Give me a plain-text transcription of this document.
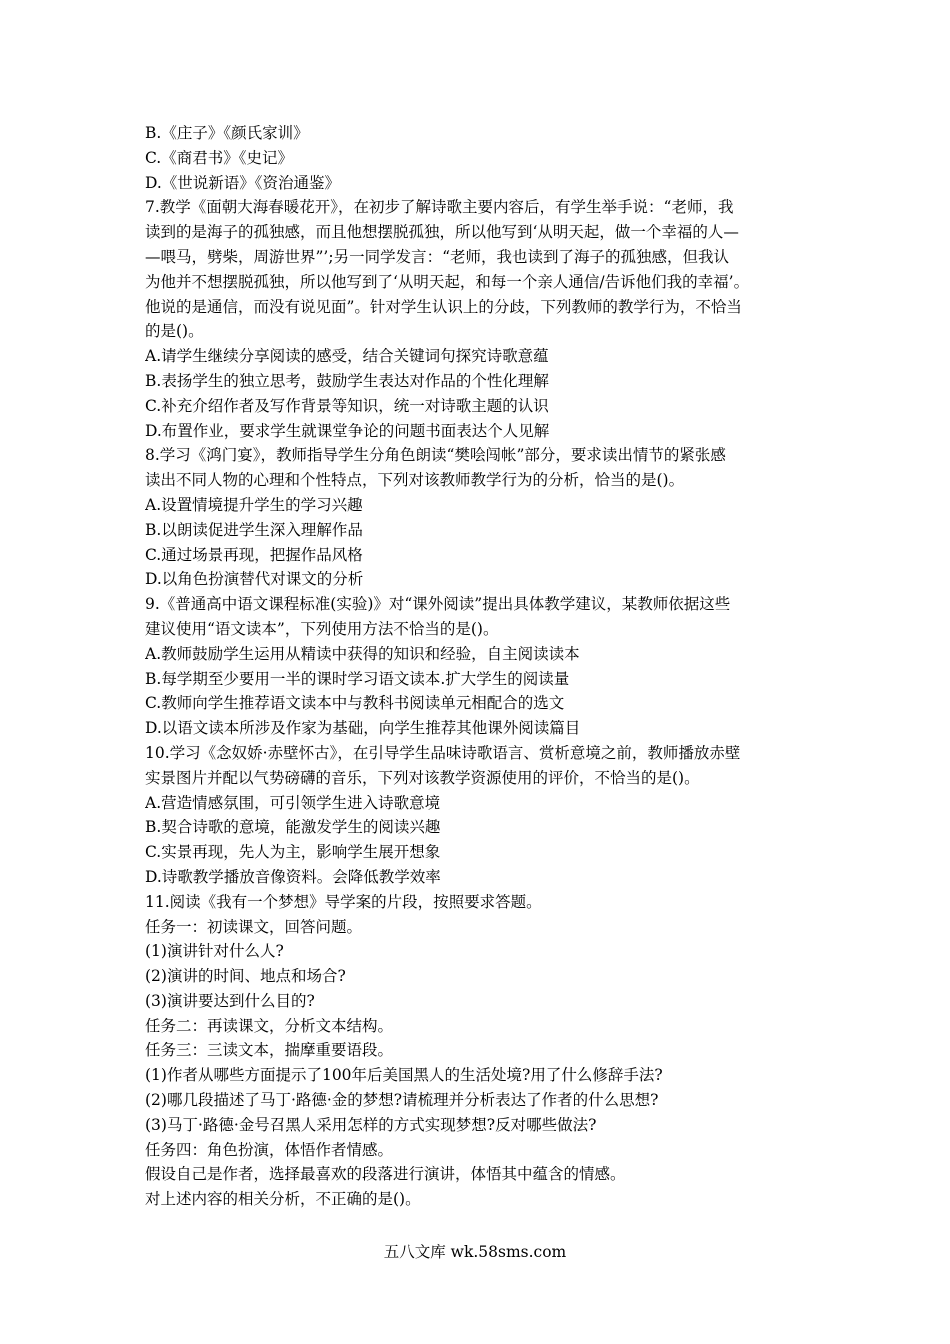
B.《庄子》《颜氏家训》
C.《商君书》《史记》
D.《世说新语》《资治通鉴》
7.教学《面朝大海春暖花开》，在初步了解诗歌主要内容后，有学生举手说：“老师，我
读到的是海子的孤独感，而且他想摆脱孤独，所以他写到‘从明天起，做一个幸福的人—
—喂马，劈柴，周游世界”’;另一同学发言：“老师，我也读到了海子的孤独感，但我认
为他并不想摆脱孤独，所以他写到了‘从明天起，和每一个亲人通信/告诉他们我的幸福’。
他说的是通信，而没有说见面”。针对学生认识上的分歧，下列教师的教学行为，不恰当
的是()。
A.请学生继续分享阅读的感受，结合关键词句探究诗歌意蕴
B.表扬学生的独立思考，鼓励学生表达对作品的个性化理解
C.补充介绍作者及写作背景等知识，统一对诗歌主题的认识
D.布置作业，要求学生就课堂争论的问题书面表达个人见解
8.学习《鸿门宴》，教师指导学生分角色朗读“樊哙闯帐”部分，要求读出情节的紧张感
读出不同人物的心理和个性特点，下列对该教师教学行为的分析，恰当的是()。
A.设置情境提升学生的学习兴趣
B.以朗读促进学生深入理解作品
C.通过场景再现，把握作品风格
D.以角色扮演替代对课文的分析
9.《普通高中语文课程标准(实验)》对“课外阅读”提出具体教学建议，某教师依据这些
建议使用“语文读本”，下列使用方法不恰当的是()。
A.教师鼓励学生运用从精读中获得的知识和经验，自主阅读读本
B.每学期至少要用一半的课时学习语文读本.扩大学生的阅读量
C.教师向学生推荐语文读本中与教科书阅读单元相配合的选文
D.以语文读本所涉及作家为基础，向学生推荐其他课外阅读篇目
10.学习《念奴娇·赤壁怀古》，在引导学生品味诗歌语言、赏析意境之前，教师播放赤壁
实景图片并配以气势磅礴的音乐，下列对该教学资源使用的评价，不恰当的是()。
A.营造情感氛围，可引领学生进入诗歌意境
B.契合诗歌的意境，能激发学生的阅读兴趣
C.实景再现，先人为主，影响学生展开想象
D.诗歌教学播放音像资料。会降低教学效率
11.阅读《我有一个梦想》导学案的片段，按照要求答题。
任务一：初读课文，回答问题。
(1)演讲针对什么人?
(2)演讲的时间、地点和场合?
(3)演讲要达到什么目的?
任务二：再读课文，分析文本结构。
任务三：三读文本，揣摩重要语段。
(1)作者从哪些方面提示了100年后美国黑人的生活处境?用了什么修辞手法?
(2)哪几段描述了马丁·路德·金的梦想?请梳理并分析表达了作者的什么思想?
(3)马丁·路德·金号召黑人采用怎样的方式实现梦想?反对哪些做法?
任务四：角色扮演，体悟作者情感。
假设自己是作者，选择最喜欢的段落进行演讲，体悟其中蕴含的情感。
对上述内容的相关分析，不正确的是()。
五八文库 wk.58sms.com
